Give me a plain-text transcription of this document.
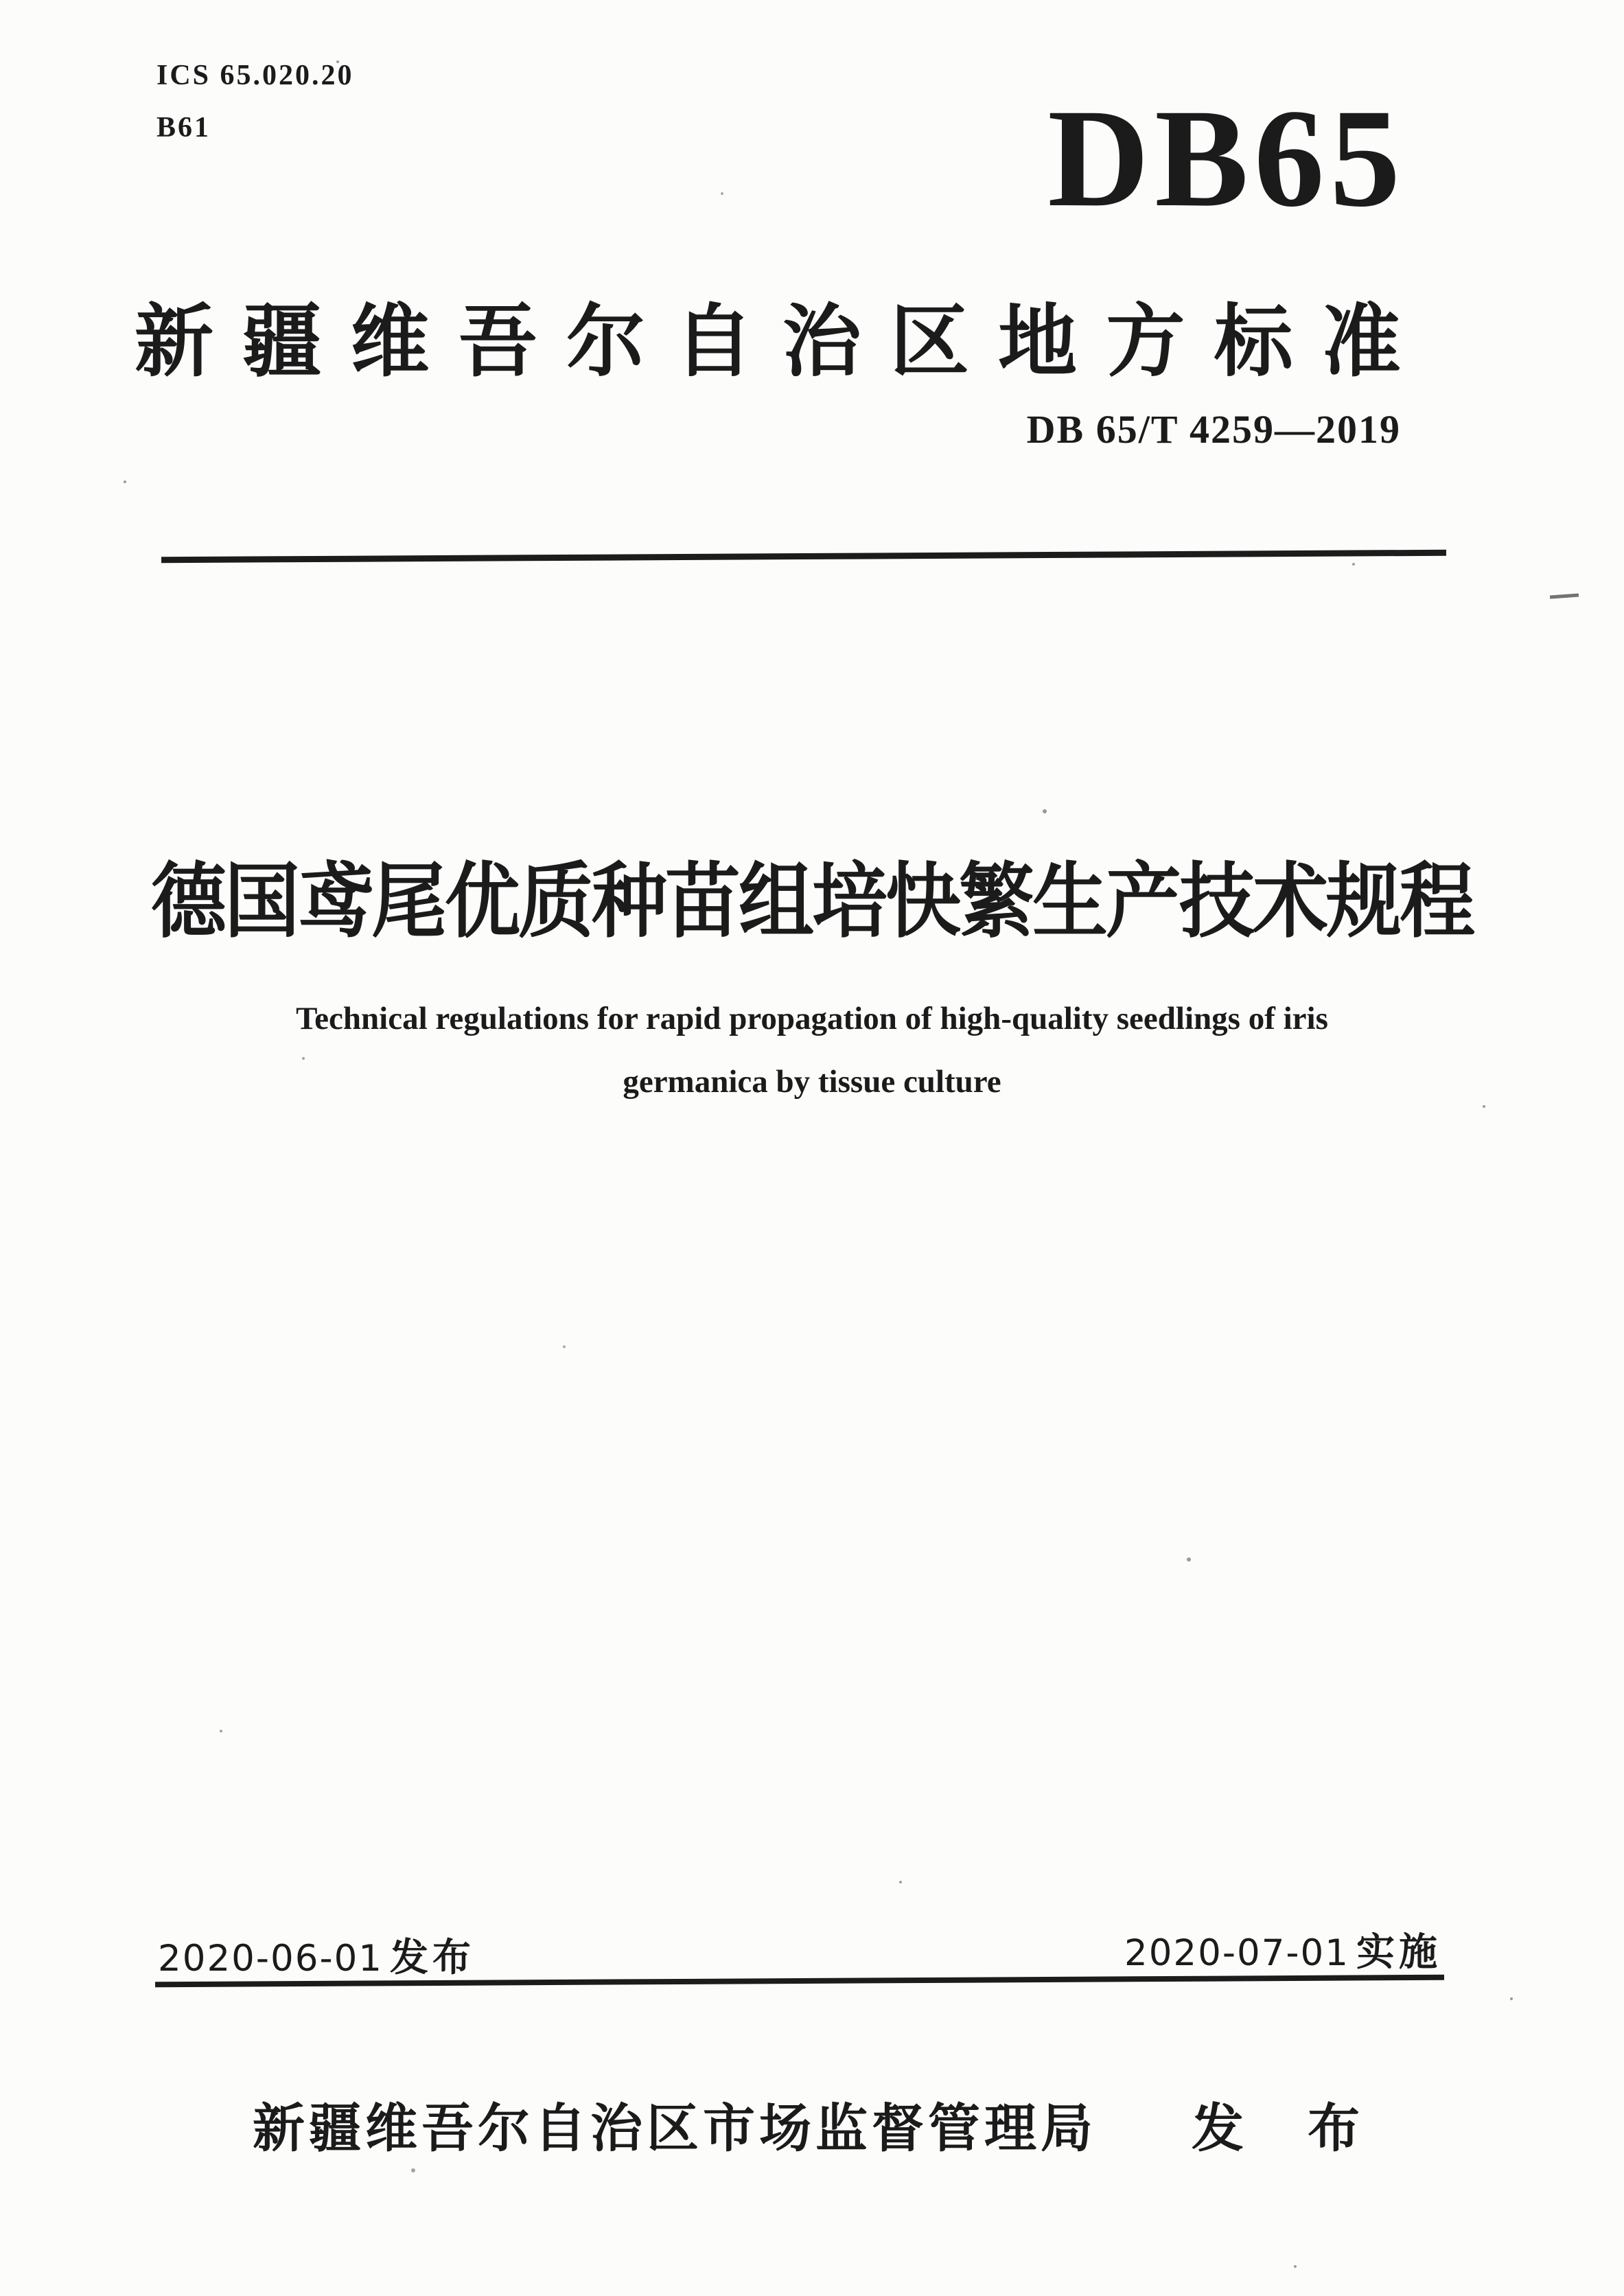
ICS 65.020.20
B61	DB65
新 疆 维 吾 尔 自 治 区 地 方 标 准
DB 65/T 4259—2019
德国鸢尾优质种苗组培快繁生产技术规程
Technical regulations for rapid propagation of high-quality seedlings of iris
germanica by tissue culture
2020-06-01 发布	2020-07-01 实施
新疆维吾尔自治区市场监督管理局 发 布
